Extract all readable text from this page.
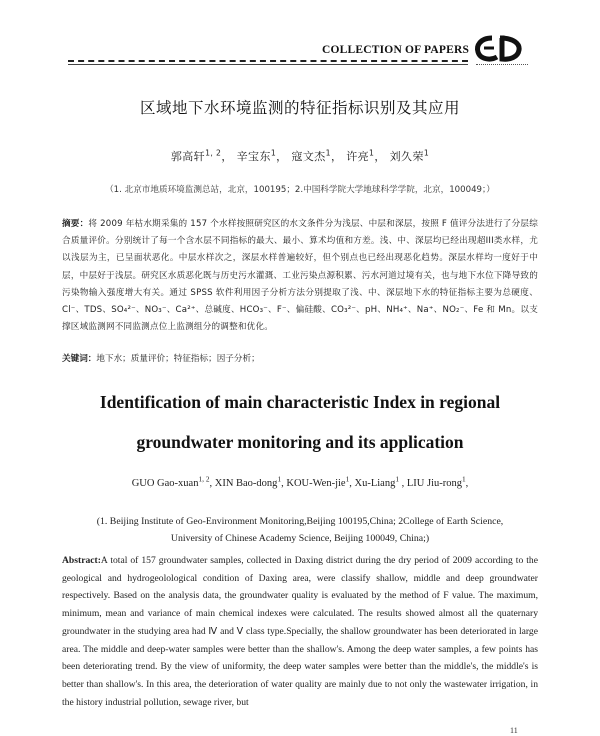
COLLECTION OF PAPERS
区域地下水环境监测的特征指标识别及其应用
郭高轩$^{1, 2}$， 辛宝东$^1$， 寇文杰$^1$， 许亮$^1$， 刘久荣$^1$
（1. 北京市地质环境监测总站，北京，100195；2.中国科学院大学地球科学学院，北京，100049；）
摘要：将 2009 年枯水期采集的 157 个水样按照研究区的水文条件分为浅层、中层和深层，按照 F 值评分法进行了分层综合质量评价。分别统计了每一个含水层不同指标的最大、最小、算术均值和方差。浅、中、深层均已经出现超III类水样，尤以浅层为主，已呈面状恶化。中层水样次之，深层水样普遍较好，但个别点也已经出现恶化趋势。深层水样均一度好于中层，中层好于浅层。研究区水质恶化既与历史污水灌溉、工业污染点源积累、污水河道过境有关，也与地下水位下降导致的污染物输入强度增大有关。通过 SPSS 软件利用因子分析方法分别提取了浅、中、深层地下水的特征指标主要为总硬度、Cl⁻、TDS、SO₄²⁻、NO₃⁻、Ca²⁺、总碱度、HCO₃⁻、F⁻、偏硅酸、CO₃²⁻、pH、NH₄⁺、Na⁺、NO₂⁻、Fe 和 Mn。以支撑区域监测网不同监测点位上监测组分的调整和优化。
关键词：地下水；质量评价；特征指标；因子分析；
Identification of main characteristic Index in regional groundwater monitoring and its application
GUO Gao-xuan$^{1, 2}$, XIN Bao-dong$^1$, KOU-Wen-jie$^1$, Xu-Liang$^1$ , LIU Jiu-rong$^1$,
(1. Beijing Institute of Geo-Environment Monitoring,Beijing 100195,China; 2College of Earth Science, University of Chinese Academy Science, Beijing 100049, China;)
Abstract:A total of 157 groundwater samples, collected in Daxing district during the dry period of 2009 according to the geological and hydrogeolological condition of Daxing area, were classify shallow, middle and deep groundwater respectively. Based on the analysis data, the groundwater quality is evaluated by the method of F value. The maximum, minimum, mean and variance of main chemical indexes were calculated. The results showed almost all the quaternary groundwater in the studying area had Ⅳ and Ⅴ class type.Specially, the shallow groundwater has been deteriorated in large area. The middle and deep-water samples were better than the shallow's. Among the deep water samples, a few points has been deteriorating trend. By the view of uniformity, the deep water samples were better than the middle's, the middle's is better than shallow's. In this area, the deterioration of water quality are mainly due to not only the wastewater irrigation, in the history industrial pollution, sewage river, but
11
